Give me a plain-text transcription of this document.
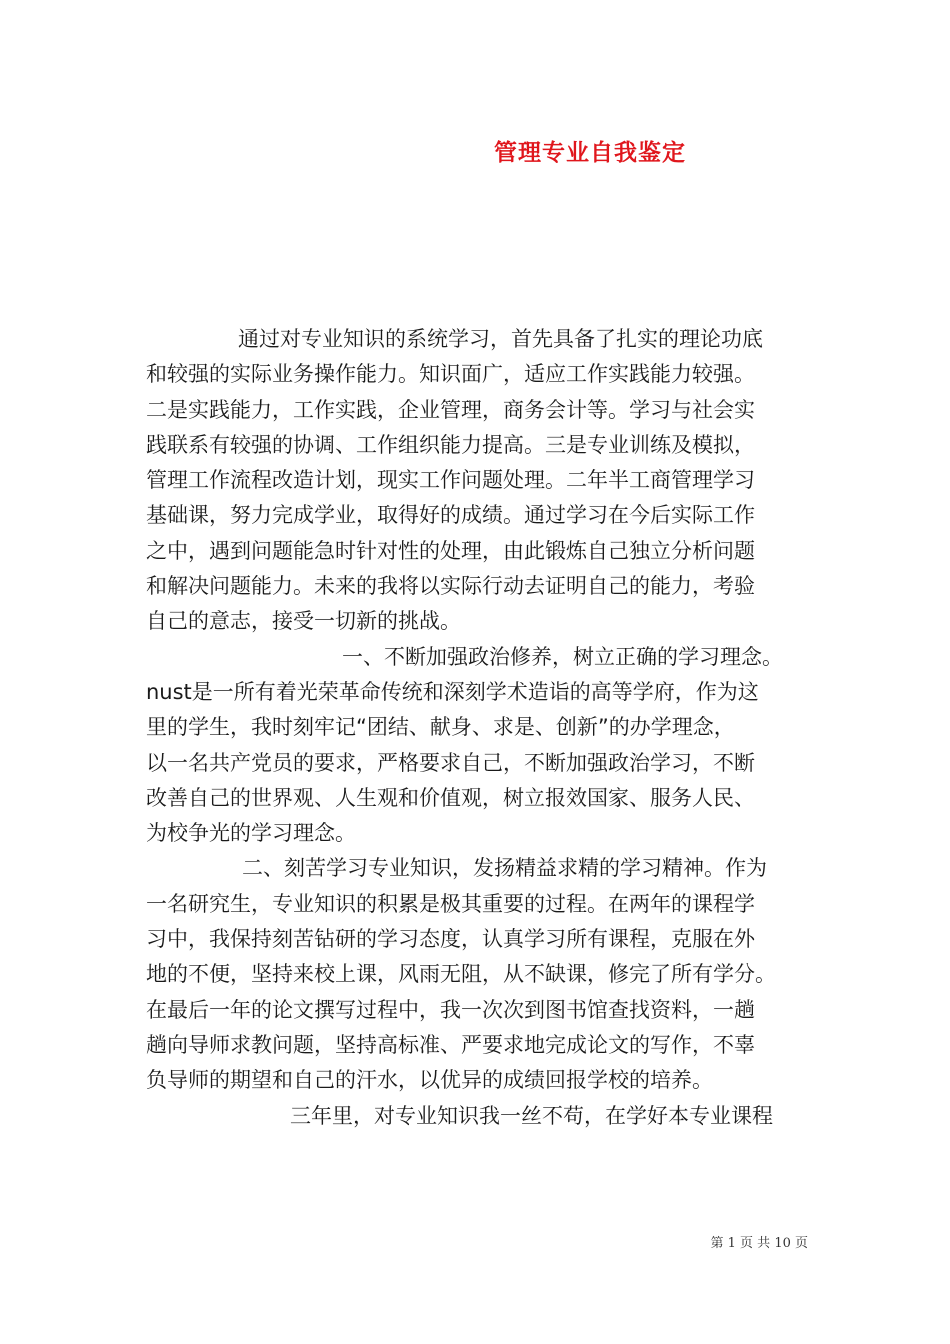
管理专业自我鉴定
通过对专业知识的系统学习，首先具备了扎实的理论功底
和较强的实际业务操作能力。知识面广，适应工作实践能力较强。
二是实践能力，工作实践，企业管理，商务会计等。学习与社会实
践联系有较强的协调、工作组织能力提高。三是专业训练及模拟，
管理工作流程改造计划，现实工作问题处理。二年半工商管理学习
基础课，努力完成学业，取得好的成绩。通过学习在今后实际工作
之中，遇到问题能急时针对性的处理，由此锻炼自己独立分析问题
和解决问题能力。未来的我将以实际行动去证明自己的能力，考验
自己的意志，接受一切新的挑战。
一、不断加强政治修养，树立正确的学习理念。
nust是一所有着光荣革命传统和深刻学术造诣的高等学府，作为这
里的学生，我时刻牢记“团结、献身、求是、创新”的办学理念，
以一名共产党员的要求，严格要求自己，不断加强政治学习，不断
改善自己的世界观、人生观和价值观，树立报效国家、服务人民、
为校争光的学习理念。
二、刻苦学习专业知识，发扬精益求精的学习精神。作为
一名研究生，专业知识的积累是极其重要的过程。在两年的课程学
习中，我保持刻苦钻研的学习态度，认真学习所有课程，克服在外
地的不便，坚持来校上课，风雨无阻，从不缺课，修完了所有学分。
在最后一年的论文撰写过程中，我一次次到图书馆查找资料，一趟
趟向导师求教问题，坚持高标准、严要求地完成论文的写作，不辜
负导师的期望和自己的汗水，以优异的成绩回报学校的培养。
三年里，对专业知识我一丝不苟，在学好本专业课程
第 1 页 共 10 页
